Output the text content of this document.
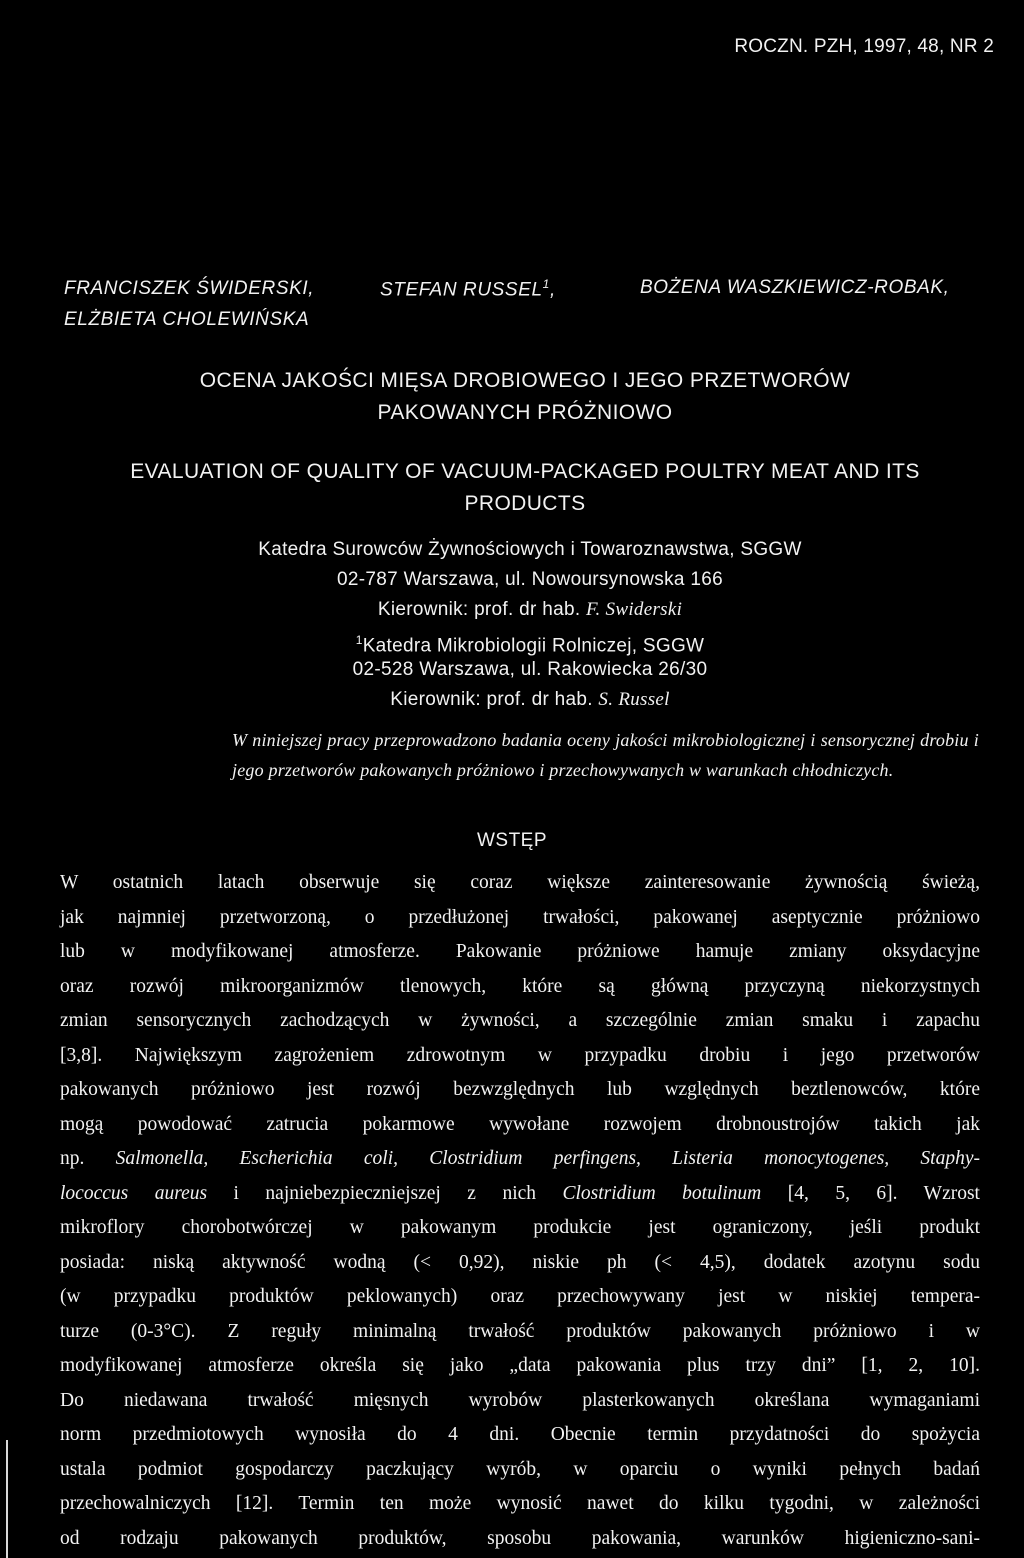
ROCZN. PZH, 1997, 48, NR 2
FRANCISZEK ŚWIDERSKI,	STEFAN RUSSEL$^1$,	BOŻENA WASZKIEWICZ-ROBAK,
ELŻBIETA CHOLEWIŃSKA
OCENA JAKOŚCI MIĘSA DROBIOWEGO I JEGO PRZETWORÓW
PAKOWANYCH PRÓŻNIOWO
EVALUATION OF QUALITY OF VACUUM-PACKAGED POULTRY MEAT AND ITS
PRODUCTS
Katedra Surowców Żywnościowych i Towaroznawstwa, SGGW
02-787 Warszawa, ul. Nowoursynowska 166
Kierownik: prof. dr hab. F. Swiderski
$^1$Katedra Mikrobiologii Rolniczej, SGGW
02-528 Warszawa, ul. Rakowiecka 26/30
Kierownik: prof. dr hab. S. Russel
W niniejszej pracy przeprowadzono badania oceny jakości mikrobiologicznej i sensorycznej drobiu i jego przetworów pakowanych próżniowo i przechowywanych w warunkach chłodniczych.
WSTĘP
W ostatnich latach obserwuje się coraz większe zainteresowanie żywnością świeżą,
jak najmniej przetworzoną, o przedłużonej trwałości, pakowanej aseptycznie próżniowo
lub w modyfikowanej atmosferze. Pakowanie próżniowe hamuje zmiany oksydacyjne
oraz rozwój mikroorganizmów tlenowych, które są główną przyczyną niekorzystnych
zmian sensorycznych zachodzących w żywności, a szczególnie zmian smaku i zapachu
[3,8]. Największym zagrożeniem zdrowotnym w przypadku drobiu i jego przetworów
pakowanych próżniowo jest rozwój bezwzględnych lub względnych beztlenowców, które
mogą powodować zatrucia pokarmowe wywołane rozwojem drobnoustrojów takich jak
np. Salmonella, Escherichia coli, Clostridium perfingens, Listeria monocytogenes, Staphy-
lococcus aureus i najniebezpieczniejszej z nich Clostridium botulinum [4, 5, 6]. Wzrost
mikroflory chorobotwórczej w pakowanym produkcie jest ograniczony, jeśli produkt
posiada: niską aktywność wodną (< 0,92), niskie ph (< 4,5), dodatek azotynu sodu
(w przypadku produktów peklowanych) oraz przechowywany jest w niskiej tempera-
turze (0-3°C). Z reguły minimalną trwałość produktów pakowanych próżniowo i w
modyfikowanej atmosferze określa się jako „data pakowania plus trzy dni” [1, 2, 10].
Do niedawana trwałość mięsnych wyrobów plasterkowanych określana wymaganiami
norm przedmiotowych wynosiła do 4 dni. Obecnie termin przydatności do spożycia
ustala podmiot gospodarczy paczkujący wyrób, w oparciu o wyniki pełnych badań
przechowalniczych [12]. Termin ten może wynosić nawet do kilku tygodni, w zależności
od rodzaju pakowanych produktów, sposobu pakowania, warunków higieniczno-sani-
